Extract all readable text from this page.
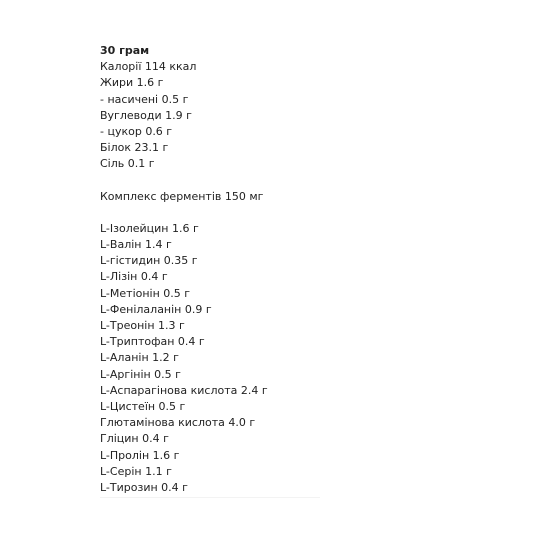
30 грам
Калорії 114 ккал
Жири 1.6 г
- насичені 0.5 г
Вуглеводи 1.9 г
- цукор 0.6 г
Білок 23.1 г
Сіль 0.1 г
Комплекс ферментів 150 мг
L-Ізолейцин 1.6 г
L-Валін 1.4 г
L-гістидин 0.35 г
L-Лізін 0.4 г
L-Метіонін 0.5 г
L-Фенілаланін 0.9 г
L-Треонін 1.3 г
L-Триптофан 0.4 г
L-Аланін 1.2 г
L-Аргінін 0.5 г
L-Аспарагінова кислота 2.4 г
L-Цистеїн 0.5 г
Глютамінова кислота 4.0 г
Гліцин 0.4 г
L-Пролін 1.6 г
L-Серін 1.1 г
L-Тирозин 0.4 г
